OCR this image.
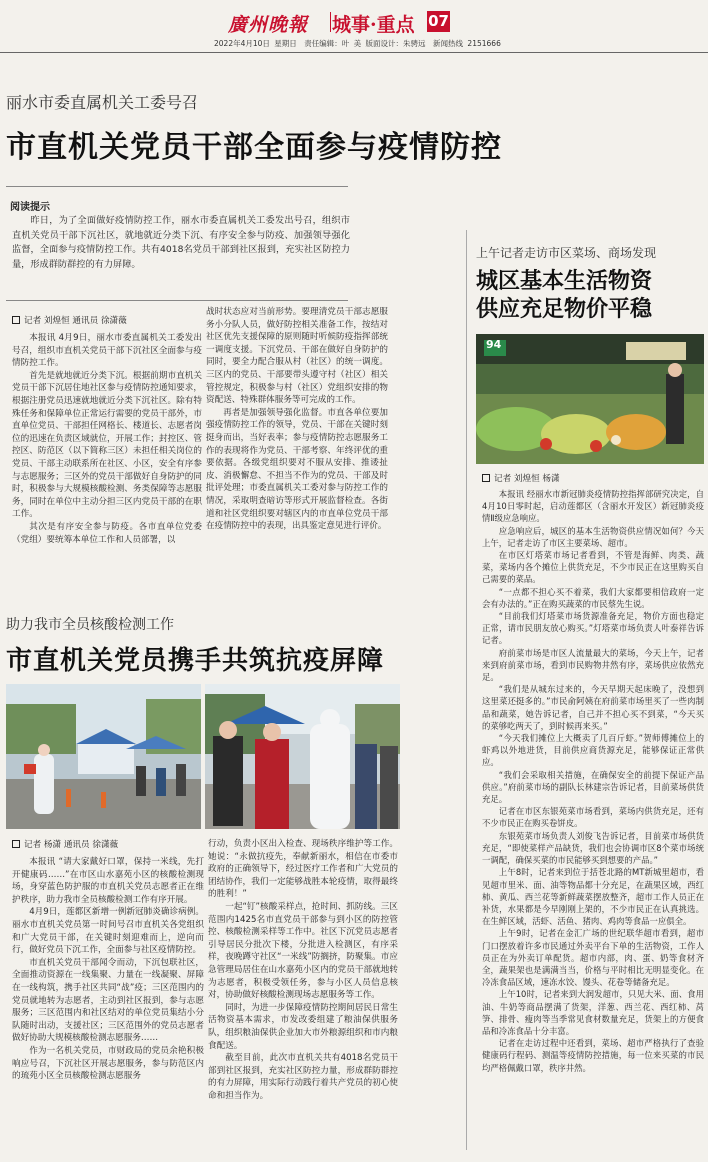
廣州晚報 城事·重点 07
2022年4月10日 星期日　责任编辑：叶 美 版面设计：朱骋远　新闻热线 2151666
丽水市委直属机关工委号召
市直机关党员干部全面参与疫情防控
阅读提示

昨日，为了全面做好疫情防控工作，丽水市委直属机关工委发出号召，组织市直机关党员干部下沉社区，就地就近分类下沉、有序安全参与防疫、加强领导强化监督，全面参与疫情防控工作。共有4018名党员干部到社区报到，充实社区防控力量，形成群防群控的有力屏障。

记者 刘煌恒 通讯员 徐潇薇

本报讯 4月9日，丽水市委直属机关工委发出号召，组织市直机关党员干部下沉社区全面参与疫情防控工作。

首先是就地就近分类下沉。根据前期市直机关党员干部下沉居住地社区参与疫情防控通知要求，根据注册党员迅速就地就近分类下沉社区。除有特殊任务和保障单位正常运行需要的党员干部外，市直单位党员、干部担任网格长、楼道长、志愿者岗位的迅速在负责区域就位，开展工作；封控区、管控区、防范区（以下简称三区）未担任相关岗位的党员、干部主动联系所在社区、小区，安全有序参与志愿服务；三区外的党员干部做好自身防护的同时，积极参与大规模核酸检测、务类保障等志愿服务，同时在单位中主动分担三区内党员干部的在职工作。

其次是有序安全参与防疫。各市直单位党委（党组）要统筹本单位工作和人员部署，以

战时状态应对当前形势。要理清党员干部志愿服务小分队人员，做好防控相关准备工作，按结对社区优先支援保障的原则随时听候防疫指挥部统一调度支援。下沉党员、干部在做好自身防护的同时，要全力配合服从村（社区）的统一调度。三区内的党员、干部要带头遵守村（社区）相关管控规定，积极参与村（社区）党组织安排的物资配送、特殊群体服务等可完成的工作。

再者是加强领导强化监督。市直各单位要加强疫情防控工作的领导，党员、干部在关键时刻挺身而出，当好表率；参与疫情防控志愿服务工作的表现将作为党员、干部考察、年终评优的重要依据。各级党组织要对不服从安排、推诿扯皮、消极懈怠、不担当不作为的党员、干部及时批评处理；市委直属机关工委对参与防控工作的情况，采取明查暗访等形式开展监督检查。各街道和社区党组织要对辖区内的市直单位党员干部在疫情防控中的表现，出具鉴定意见进行评价。

助力我市全员核酸检测工作
市直机关党员携手共筑抗疫屏障
记者 杨潇 通讯员 徐潇薇

本报讯 “请大家戴好口罩，保持一米线，先打开健康码……”在市区山水嘉苑小区的核酸检测现场，身穿蓝色防护服的市直机关党员志愿者正在维护秩序，助力我市全员核酸检测工作有序开展。

4月9日，莲都区新增一例新冠肺炎确诊病例。丽水市直机关党员第一时间号召市直机关各党组织和广大党员干部，在关键时刻迎难而上，逆向而行，做好党员下沉工作，全面参与社区疫情防控。

市直机关党员干部闻令而动，下沉包联社区，全面推动资源在一线集聚、力量在一线凝聚、屏障在一线构筑，携手社区共同“战”疫；三区范围内的党员就地转为志愿者，主动到社区报到，参与志愿服务；三区范围内和社区结对的单位党员集结小分队随时出动，支援社区；三区范围外的党员志愿者做好协助大规模核酸检测志愿服务……

作为一名机关党员，市财政局的党员余艳积极响应号召，下沉社区开展志愿服务，参与防范区内的琉苑小区全员核酸检测志愿服务

行动，负责小区出入检查、现场秩序维护等工作。她说：“永做抗疫先，奉献新丽水，相信在市委市政府的正确领导下，经过医疗工作者和广大党员的团结协作，我们一定能够战胜本轮疫情，取得最终的胜利！”

一起“钉”核酸采样点，抢时间、抓防线。三区范围内1425名市直党员干部参与到小区的防控管控、核酸检测采样等工作中。社区下沉党员志愿者引导居民分批次下楼，分批进入检测区，有序采样，夜晚蹲守社区“一米线”防搁挤，防聚集。市应急管理局居住在山水嘉苑小区内的党员干部就地转为志愿者，积极受领任务，参与小区人员信息核对，协助做好核酸检测现场志愿服务等工作。

同时，为进一步保障疫情防控期间居民日常生活物资基本需求，市发改委组建了粮油保供服务队，组织粮油保供企业加大市外粮源组织和市内粮食配送。

截至目前，此次市直机关共有4018名党员干部到社区报到，充实社区防控力量，形成群防群控的有力屏障，用实际行动践行着共产党员的初心使命和担当作为。

上午记者走访市区菜场、商场发现
城区基本生活物资
供应充足物价平稳
94
记者 刘煌恒 杨潇

本报讯 经丽水市新冠肺炎疫情防控指挥部研究决定，自4月10日零时起，启动莲都区（含丽水开发区）新冠肺炎疫情Ⅱ级应急响应。

应急响应后，城区的基本生活物资供应情况如何？今天上午，记者走访了市区主要菜场、超市。

在市区灯塔菜市场记者看到，不管是海鲜、肉类、蔬菜，菜场内各个摊位上供货充足，不少市民正在这里购买自己需要的菜品。

“一点都不担心买不着菜，我们大家都要相信政府一定会有办法的。”正在购买蔬菜的市民蔡先生说。

“目前我们灯塔菜市场货源准备充足，物价方面也稳定正常，请市民朋友放心购买。”灯塔菜市场负责人叶泰祥告诉记者。

府前菜市场是市区人流量最大的菜场，今天上午，记者来到府前菜市场，看到市民购物井然有序，菜场供应依然充足。

“我们是从城东过来的，今天早期天起床晚了，没想到这里菜还挺多的。”市民俞阿姨在府前菜市场里买了一些肉制品和蔬菜，她告诉记者，自己并不担心买不到菜，“今天买的菜够吃两天了，到时候再来买。”

“今天我们摊位上大概卖了几百斤虾。”贺师傅摊位上的虾鸡以外地进货，目前供应商货源充足，能够保证正常供应。

“我们会采取相关措施，在确保安全的前提下保证产品供应。”府前菜市场的副队长林建宗告诉记者，目前菜场供货充足。

记者在市区东银苑菜市场看到，菜场内供货充足，还有不少市民正在购买卷饼皮。

东银苑菜市场负责人刘俊飞告诉记者，目前菜市场供货充足，“即使菜样产品缺货，我们也会协调市区8个菜市场统一调配，确保买菜的市民能够买到想要的产品。”

上午8时，记者来到位于括苍北路的MT新城里超市，看见超市里米、面、油等物品都十分充足，在蔬果区域，西红柿、黄瓜、西兰花等新鲜蔬菜摆放整齐，超市工作人员正在补货，水果都是今早刚刚上架的，不少市民正在认真挑选。在生鲜区域，活虾、活鱼、猪肉、鸡肉等食品一应俱全。

上午9时，记者在金汇广场的世纪联华超市看到，超市门口摆放着许多市民通过外卖平台下单的生活物资，工作人员正在为外卖订单配货。超市内部，肉、蛋、奶等食材齐全，蔬果架也是满满当当，价格与平时相比无明显变化。在冷冻食品区域，速冻水饺、馒头、花卷等储备充足。

上午10时，记者来到大润发超市，只见大米、面、食用油、牛奶等商品摆满了货架，洋葱、西兰花、西红柿、莴笋、排骨、瘦肉等当季常见食材数量充足，货架上的方便食品和冷冻食品十分丰富。

记者在走访过程中还看到，菜场、超市严格执行了查验健康码行程码、测温等疫情防控措施，每一位来买菜的市民均严格佩戴口罩，秩序井然。
